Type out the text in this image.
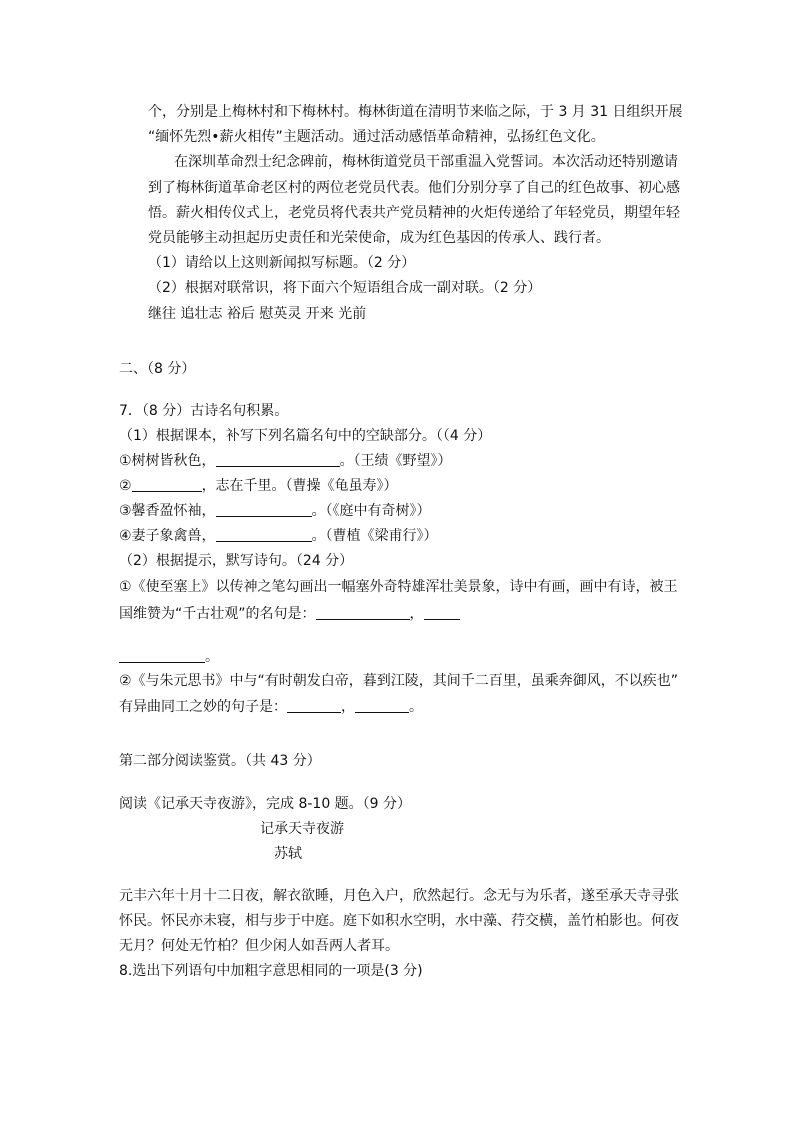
个，分别是上梅林村和下梅林村。梅林街道在清明节来临之际，于 3 月 31 日组织开展
“缅怀先烈•薪火相传”主题活动。通过活动感悟革命精神，弘扬红色文化。
在深圳革命烈士纪念碑前，梅林街道党员干部重温入党誓词。本次活动还特别邀请
到了梅林街道革命老区村的两位老党员代表。他们分别分享了自己的红色故事、初心感
悟。薪火相传仪式上，老党员将代表共产党员精神的火炬传递给了年轻党员，期望年轻
党员能够主动担起历史责任和光荣使命，成为红色基因的传承人、践行者。
（1）请给以上这则新闻拟写标题。（2 分）
（2）根据对联常识，将下面六个短语组合成一副对联。（2 分）
继往 追壮志 裕后 慰英灵 开来 光前
二、（8 分）
7．（8 分）古诗名句积累。
（1）根据课本，补写下列名篇名句中的空缺部分。（（4 分）
①树树皆秋色，	。（王绩《野望》）
②	，志在千里。（曹操《龟虽寿》）
③馨香盈怀袖，	。（《庭中有奇树》）
④妻子象禽兽，	。（曹植《梁甫行》）
（2）根据提示，默写诗句。（24 分）
①《使至塞上》以传神之笔勾画出一幅塞外奇特雄浑壮美景象，诗中有画，画中有诗，被王
国维赞为“千古壮观”的名句是：	，
。
②《与朱元思书》中与“有时朝发白帝，暮到江陵，其间千二百里，虽乘奔御风，不以疾也”
有异曲同工之妙的句子是：	，	。
第二部分阅读鉴赏。（共 43 分）
阅读《记承天寺夜游》，完成 8-10 题。（9 分）
记承天寺夜游
苏轼
元丰六年十月十二日夜，解衣欲睡，月色入户，欣然起行。念无与为乐者，遂至承天寺寻张
怀民。怀民亦未寝，相与步于中庭。庭下如积水空明，水中藻、荇交横，盖竹柏影也。何夜
无月？何处无竹柏？但少闲人如吾两人者耳。
8.选出下列语句中加粗字意思相同的一项是(3 分)
